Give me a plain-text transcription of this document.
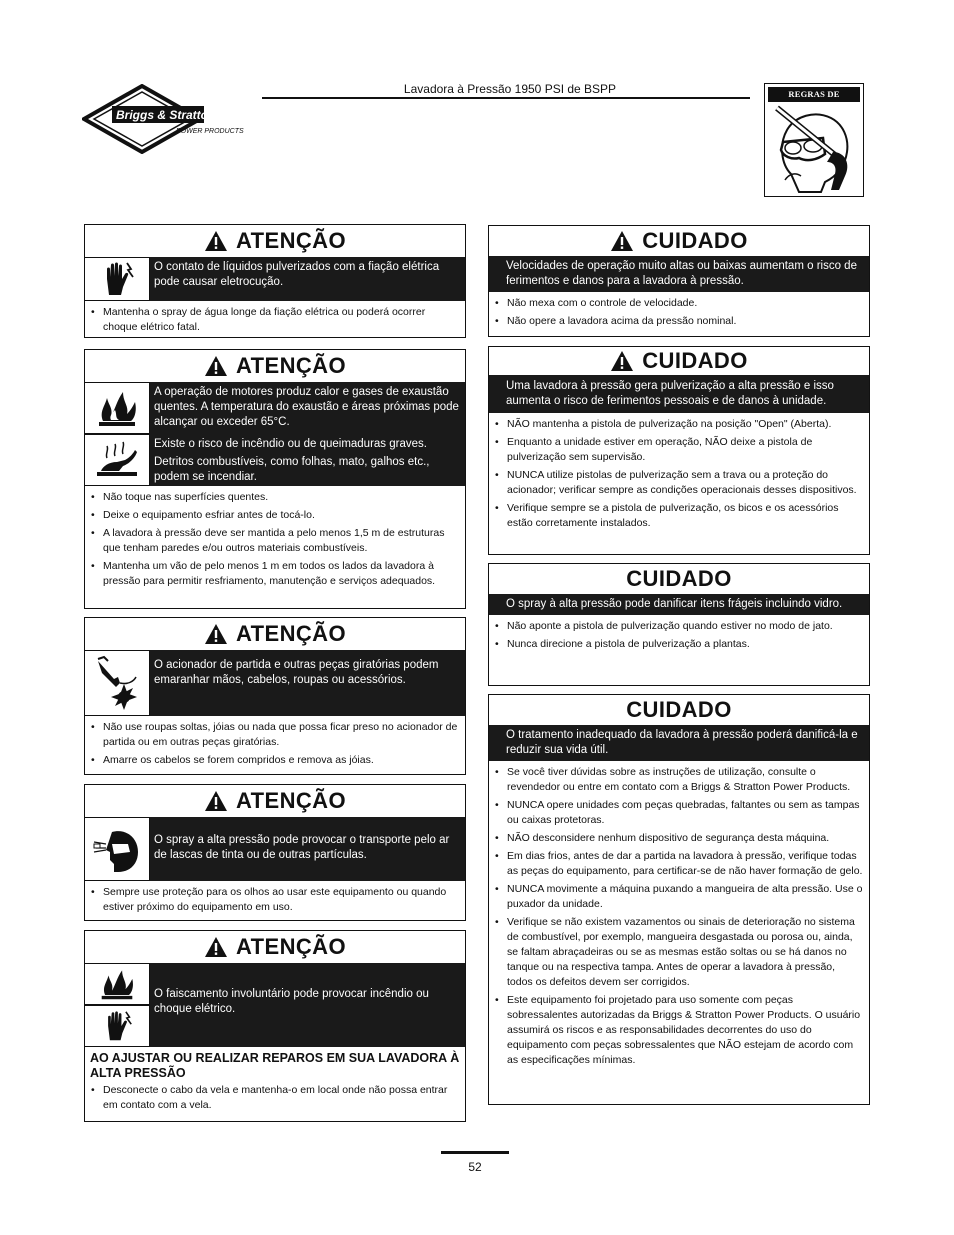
Lavadora à Pressão 1950 PSI de BSPP
Briggs & Stratton
POWER PRODUCTS
REGRAS DE SEGURANÇA
ATENÇÃO

O contato de líquidos pulverizados com a fiação elétrica pode causar eletrocução.

• Mantenha o spray de água longe da fiação elétrica ou poderá ocorrer choque elétrico fatal.
ATENÇÃO

A operação de motores produz calor e gases de exaustão quentes. A temperatura do exaustão e áreas próximas pode alcançar ou exceder 65°C.

Existe o risco de incêndio ou de queimaduras graves.

Detritos combustíveis, como folhas, mato, galhos etc., podem se incendiar.

• Não toque nas superfícies quentes.
• Deixe o equipamento esfriar antes de tocá-lo.
• A lavadora à pressão deve ser mantida a pelo menos 1,5 m de estruturas que tenham paredes e/ou outros materiais combustíveis.
• Mantenha um vão de pelo menos 1 m em todos os lados da lavadora à pressão para permitir resfriamento, manutenção e serviços adequados.
ATENÇÃO

O acionador de partida e outras peças giratórias podem emaranhar mãos, cabelos, roupas ou acessórios.

• Não use roupas soltas, jóias ou nada que possa ficar preso no acionador de partida ou em outras peças giratórias.
• Amarre os cabelos se forem compridos e remova as jóias.
ATENÇÃO

O spray a alta pressão pode provocar o transporte pelo ar de lascas de tinta ou de outras partículas.

• Sempre use proteção para os olhos ao usar este equipamento ou quando estiver próximo do equipamento em uso.
ATENÇÃO

O faiscamento involuntário pode provocar incêndio ou choque elétrico.

AO AJUSTAR OU REALIZAR REPAROS EM SUA LAVADORA À ALTA PRESSÃO
• Desconecte o cabo da vela e mantenha-o em local onde não possa entrar em contato com a vela.
CUIDADO
Velocidades de operação muito altas ou baixas aumentam o risco de ferimentos e danos para a lavadora à pressão.
• Não mexa com o controle de velocidade.
• Não opere a lavadora acima da pressão nominal.
CUIDADO
Uma lavadora à pressão gera pulverização a alta pressão e isso aumenta o risco de ferimentos pessoais e de danos à unidade.
• NÃO mantenha a pistola de pulverização na posição "Open" (Aberta).
• Enquanto a unidade estiver em operação, NÃO deixe a pistola de pulverização sem supervisão.
• NUNCA utilize pistolas de pulverização sem a trava ou a proteção do acionador; verificar sempre as condições operacionais desses dispositivos.
• Verifique sempre se a pistola de pulverização, os bicos e os acessórios estão corretamente instalados.
CUIDADO
O spray à alta pressão pode danificar itens frágeis incluindo vidro.
• Não aponte a pistola de pulverização quando estiver no modo de jato.
• Nunca direcione a pistola de pulverização a plantas.
CUIDADO
O tratamento inadequado da lavadora à pressão poderá danificá-la e reduzir sua vida útil.
• Se você tiver dúvidas sobre as instruções de utilização, consulte o revendedor ou entre em contato com a Briggs & Stratton Power Products.
• NUNCA opere unidades com peças quebradas, faltantes ou sem as tampas ou caixas protetoras.
• NÃO desconsidere nenhum dispositivo de segurança desta máquina.
• Em dias frios, antes de dar a partida na lavadora à pressão, verifique todas as peças do equipamento, para certificar-se de não haver formação de gelo.
• NUNCA movimente a máquina puxando a mangueira de alta pressão. Use o puxador da unidade.
• Verifique se não existem vazamentos ou sinais de deterioração no sistema de combustível, por exemplo, mangueira desgastada ou porosa ou, ainda, se faltam abraçadeiras ou se as mesmas estão soltas ou se há danos no tanque ou na respectiva tampa. Antes de operar a lavadora à pressão, todos os defeitos devem ser corrigidos.
• Este equipamento foi projetado para uso somente com peças sobressalentes autorizadas da Briggs & Stratton Power Products. O usuário assumirá os riscos e as responsabilidades decorrentes do uso do equipamento com peças sobressalentes que NÃO estejam de acordo com as especificações mínimas.
52
